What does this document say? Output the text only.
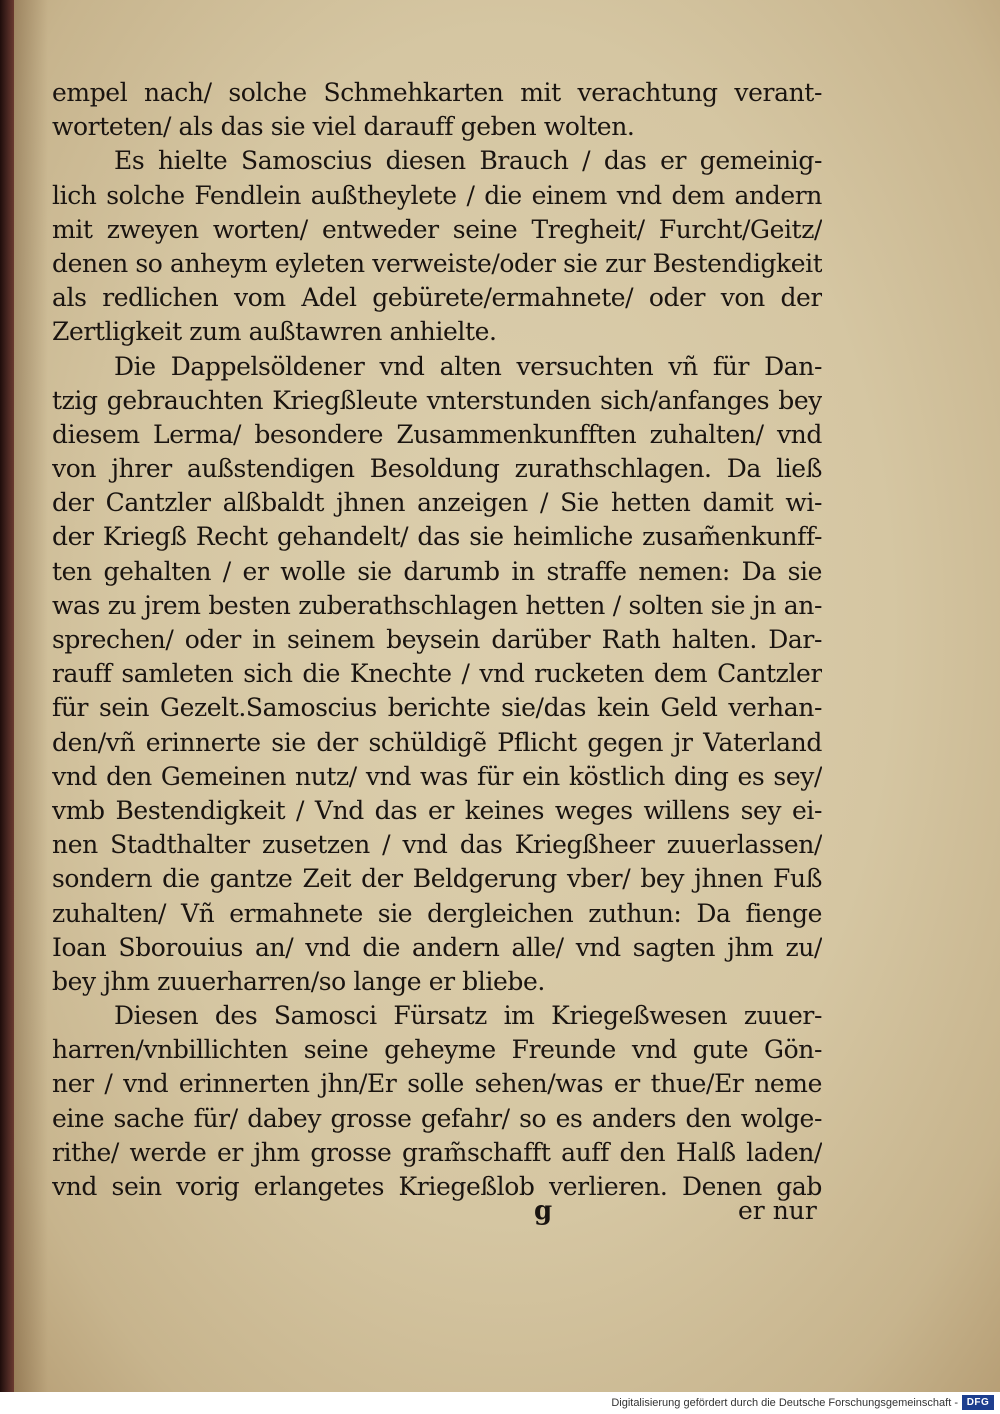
empel nach/ solche Schmehkarten mit verachtung verant-
worteten/ als das sie viel darauff geben wolten.
Es hielte Samoscius diesen Brauch / das er gemeinig-
lich solche Fendlein außtheylete / die einem vnd dem andern
mit zweyen worten/ entweder seine Tregheit/ Furcht/Geitz/
denen so anheym eyleten verweiste/oder sie zur Bestendigkeit
als redlichen vom Adel gebürete/ermahnete/ oder von der
Zertligkeit zum außtawren anhielte.
Die Dappelsöldener vnd alten versuchten vñ für Dan-
tzig gebrauchten Kriegßleute vnterstunden sich/anfanges bey
diesem Lerma/ besondere Zusammenkunfften zuhalten/ vnd
von jhrer außstendigen Besoldung zurathschlagen. Da ließ
der Cantzler alßbaldt jhnen anzeigen / Sie hetten damit wi-
der Kriegß Recht gehandelt/ das sie heimliche zusam̃enkunff-
ten gehalten / er wolle sie darumb in straffe nemen: Da sie
was zu jrem besten zuberathschlagen hetten / solten sie jn an-
sprechen/ oder in seinem beysein darüber Rath halten. Dar-
rauff samleten sich die Knechte / vnd rucketen dem Cantzler
für sein Gezelt.Samoscius berichte sie/das kein Geld verhan-
den/vñ erinnerte sie der schüldigẽ Pflicht gegen jr Vaterland
vnd den Gemeinen nutz/ vnd was für ein köstlich ding es sey/
vmb Bestendigkeit / Vnd das er keines weges willens sey ei-
nen Stadthalter zusetzen / vnd das Kriegßheer zuuerlassen/
sondern die gantze Zeit der Beldgerung vber/ bey jhnen Fuß
zuhalten/ Vñ ermahnete sie dergleichen zuthun: Da fienge
Ioan Sborouius an/ vnd die andern alle/ vnd sagten jhm zu/
bey jhm zuuerharren/so lange er bliebe.
Diesen des Samosci Fürsatz im Kriegeßwesen zuuer-
harren/vnbillichten seine geheyme Freunde vnd gute Gön-
ner / vnd erinnerten jhn/Er solle sehen/was er thue/Er neme
eine sache für/ dabey grosse gefahr/ so es anders den wolge-
rithe/ werde er jhm grosse gram̃schafft auff den Halß laden/
vnd sein vorig erlangetes Kriegeßlob verlieren. Denen gab
g	er nur
Digitalisierung gefördert durch die Deutsche Forschungsgemeinschaft - DFG
